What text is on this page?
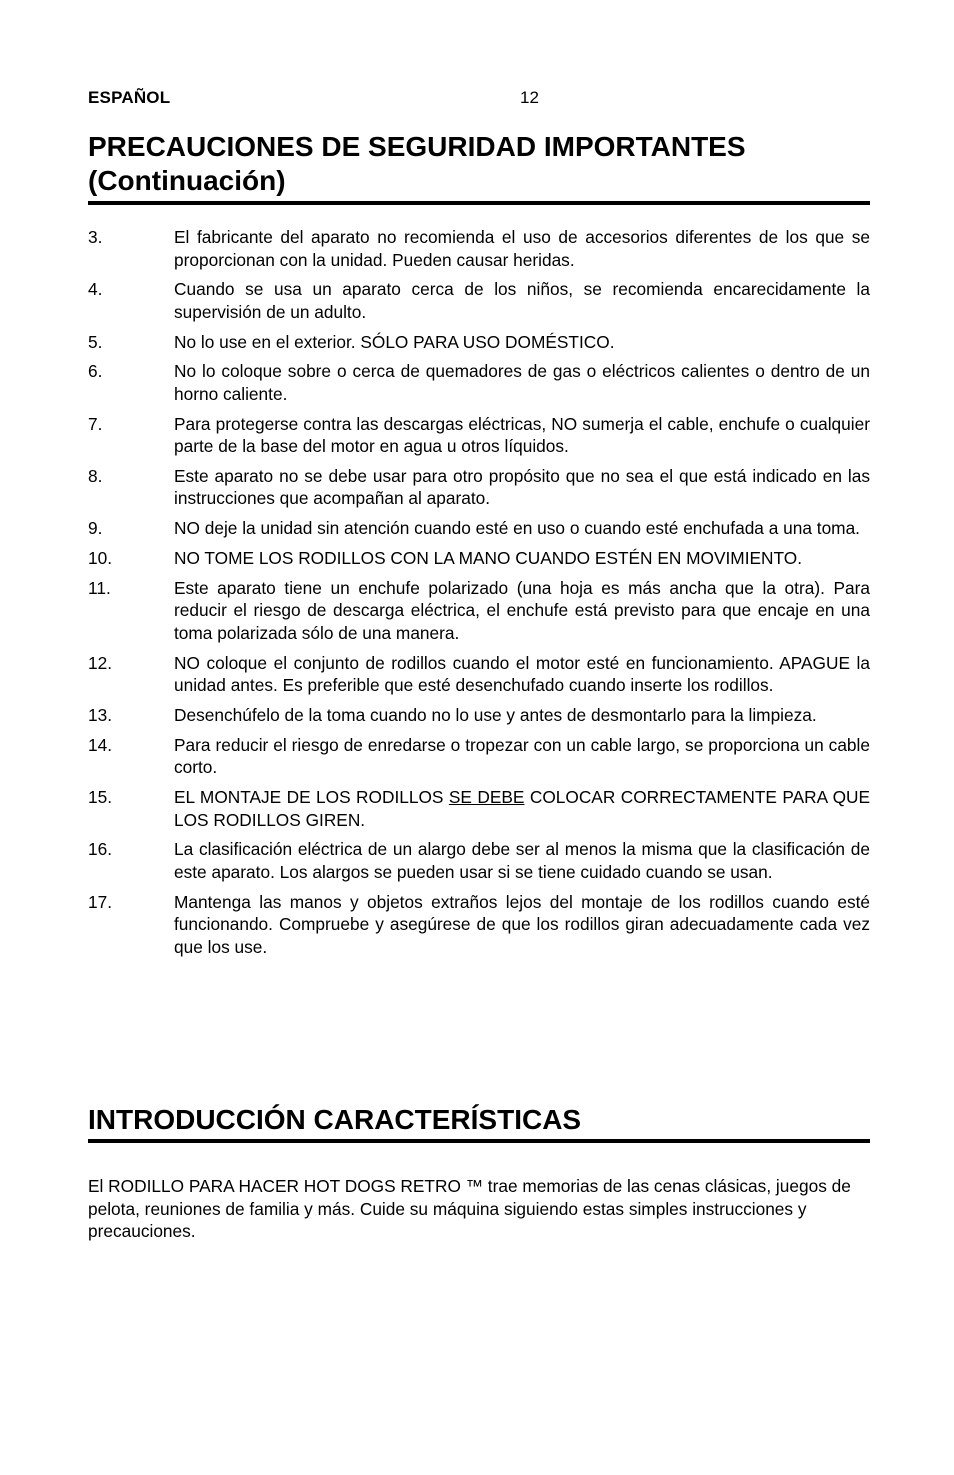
ESPAÑOL	12
PRECAUCIONES DE SEGURIDAD IMPORTANTES
(Continuación)
3.	El fabricante del aparato no recomienda el uso de accesorios diferentes de los que se proporcionan con la unidad. Pueden causar heridas.
4.	Cuando se usa un aparato cerca de los niños, se recomienda encarecidamente la supervisión de un adulto.
5.	No lo use en el exterior. SÓLO PARA USO DOMÉSTICO.
6.	No lo coloque sobre o cerca de quemadores de gas o eléctricos calientes o dentro de un horno caliente.
7.	Para protegerse contra las descargas eléctricas, NO sumerja el cable, enchufe o cualquier parte de la base del motor en agua u otros líquidos.
8.	Este aparato no se debe usar para otro propósito que no sea el que está indicado en las instrucciones que acompañan al aparato.
9.	NO deje la unidad sin atención cuando esté en uso o cuando esté enchufada a una toma.
10.	NO TOME LOS RODILLOS CON LA MANO CUANDO ESTÉN EN MOVIMIENTO.
11.	Este aparato tiene un enchufe polarizado (una hoja es más ancha que la otra). Para reducir el riesgo de descarga eléctrica, el enchufe está previsto para que encaje en una toma polarizada sólo de una manera.
12.	NO coloque el conjunto de rodillos cuando el motor esté en funcionamiento. APAGUE la unidad antes. Es preferible que esté desenchufado cuando inserte los rodillos.
13.	Desenchúfelo de la toma cuando no lo use y antes de desmontarlo para la limpieza.
14.	Para reducir el riesgo de enredarse o tropezar con un cable largo, se proporciona un cable corto.
15.	EL MONTAJE DE LOS RODILLOS SE DEBE COLOCAR CORRECTAMENTE PARA QUE LOS RODILLOS GIREN.
16.	La clasificación eléctrica de un alargo debe ser al menos la misma que la clasificación de este aparato. Los alargos se pueden usar si se tiene cuidado cuando se usan.
17.	Mantenga las manos y objetos extraños lejos del montaje de los rodillos cuando esté funcionando. Compruebe y asegúrese de que los rodillos giran adecuadamente cada vez que los use.
INTRODUCCIÓN CARACTERÍSTICAS

El RODILLO PARA HACER HOT DOGS RETRO ™ trae memorias de las cenas clásicas, juegos de pelota, reuniones de familia y más. Cuide su máquina siguiendo estas simples instrucciones y precauciones.
